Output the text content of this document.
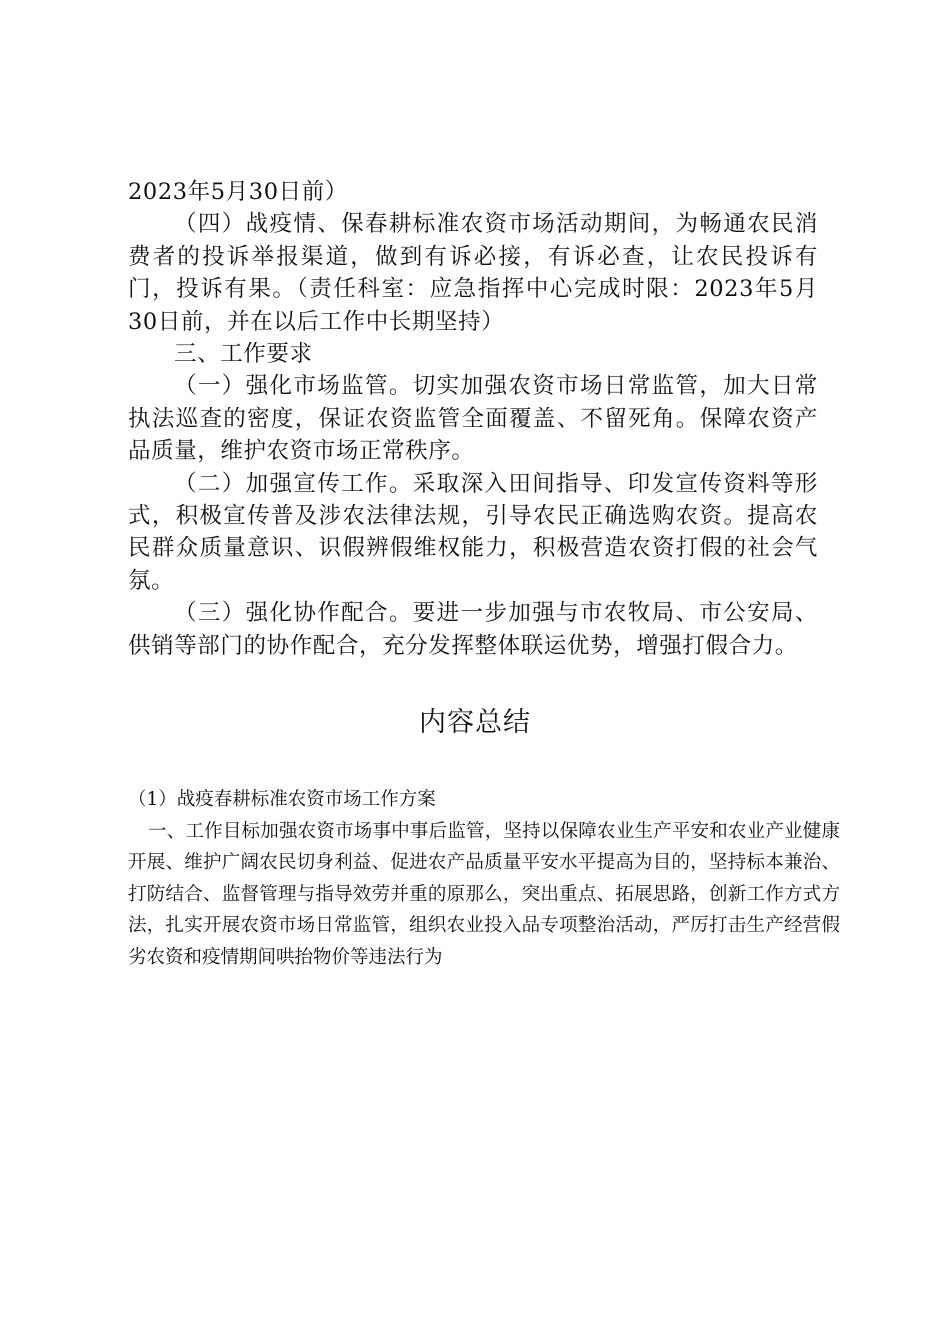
2023年5月30日前）

（四）战疫情、保春耕标准农资市场活动期间，为畅通农民消费者的投诉举报渠道，做到有诉必接，有诉必查，让农民投诉有门，投诉有果。（责任科室：应急指挥中心完成时限：2023年5月30日前，并在以后工作中长期坚持）

三、工作要求

（一）强化市场监管。切实加强农资市场日常监管，加大日常执法巡查的密度，保证农资监管全面覆盖、不留死角。保障农资产品质量，维护农资市场正常秩序。

（二）加强宣传工作。采取深入田间指导、印发宣传资料等形式，积极宣传普及涉农法律法规，引导农民正确选购农资。提高农民群众质量意识、识假辨假维权能力，积极营造农资打假的社会气氛。

（三）强化协作配合。要进一步加强与市农牧局、市公安局、供销等部门的协作配合，充分发挥整体联运优势，增强打假合力。

内容总结

（1）战疫春耕标准农资市场工作方案

一、工作目标加强农资市场事中事后监管，坚持以保障农业生产平安和农业产业健康开展、维护广阔农民切身利益、促进农产品质量平安水平提高为目的，坚持标本兼治、打防结合、监督管理与指导效劳并重的原那么，突出重点、拓展思路，创新工作方式方法，扎实开展农资市场日常监管，组织农业投入品专项整治活动，严厉打击生产经营假劣农资和疫情期间哄抬物价等违法行为
